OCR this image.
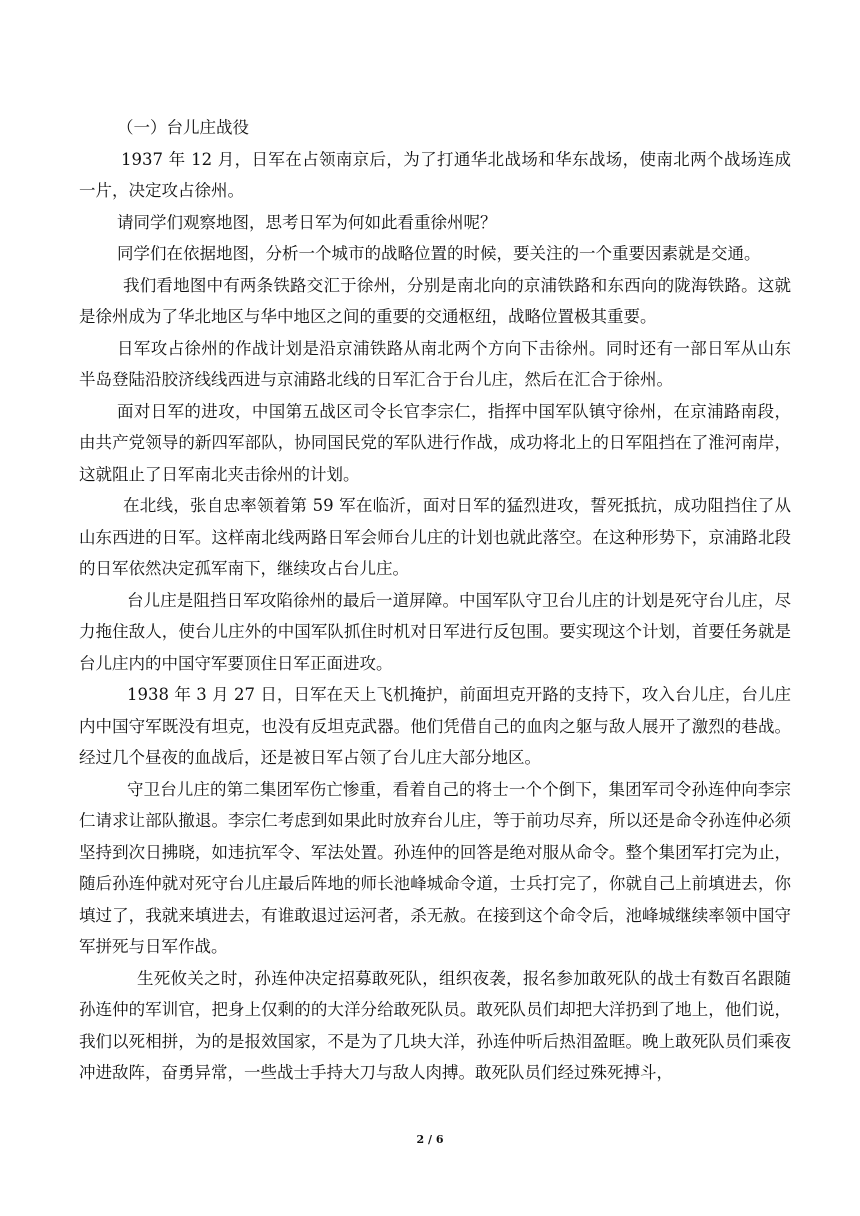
（一）台儿庄战役

1937 年 12 月，日军在占领南京后，为了打通华北战场和华东战场，使南北两个战场连成一片，决定攻占徐州。

请同学们观察地图，思考日军为何如此看重徐州呢？

同学们在依据地图，分析一个城市的战略位置的时候，要关注的一个重要因素就是交通。

我们看地图中有两条铁路交汇于徐州，分别是南北向的京浦铁路和东西向的陇海铁路。这就是徐州成为了华北地区与华中地区之间的重要的交通枢纽，战略位置极其重要。

日军攻占徐州的作战计划是沿京浦铁路从南北两个方向下击徐州。同时还有一部日军从山东半岛登陆沿胶济线线西进与京浦路北线的日军汇合于台儿庄，然后在汇合于徐州。

面对日军的进攻，中国第五战区司令长官李宗仁，指挥中国军队镇守徐州，在京浦路南段，由共产党领导的新四军部队，协同国民党的军队进行作战，成功将北上的日军阻挡在了淮河南岸，这就阻止了日军南北夹击徐州的计划。

在北线，张自忠率领着第 59 军在临沂，面对日军的猛烈进攻，誓死抵抗，成功阻挡住了从山东西进的日军。这样南北线两路日军会师台儿庄的计划也就此落空。在这种形势下，京浦路北段的日军依然决定孤军南下，继续攻占台儿庄。

台儿庄是阻挡日军攻陷徐州的最后一道屏障。中国军队守卫台儿庄的计划是死守台儿庄，尽力拖住敌人，使台儿庄外的中国军队抓住时机对日军进行反包围。要实现这个计划，首要任务就是台儿庄内的中国守军要顶住日军正面进攻。

1938 年 3 月 27 日，日军在天上飞机掩护，前面坦克开路的支持下，攻入台儿庄，台儿庄内中国守军既没有坦克，也没有反坦克武器。他们凭借自己的血肉之躯与敌人展开了激烈的巷战。经过几个昼夜的血战后，还是被日军占领了台儿庄大部分地区。

守卫台儿庄的第二集团军伤亡惨重，看着自己的将士一个个倒下，集团军司令孙连仲向李宗仁请求让部队撤退。李宗仁考虑到如果此时放弃台儿庄，等于前功尽弃，所以还是命令孙连仲必须坚持到次日拂晓，如违抗军令、军法处置。孙连仲的回答是绝对服从命令。整个集团军打完为止，随后孙连仲就对死守台儿庄最后阵地的师长池峰城命令道，士兵打完了，你就自己上前填进去，你填过了，我就来填进去，有谁敢退过运河者，杀无赦。在接到这个命令后，池峰城继续率领中国守军拼死与日军作战。

生死攸关之时，孙连仲决定招募敢死队，组织夜袭，报名参加敢死队的战士有数百名跟随孙连仲的军训官，把身上仅剩的的大洋分给敢死队员。敢死队员们却把大洋扔到了地上，他们说，我们以死相拼，为的是报效国家，不是为了几块大洋，孙连仲听后热泪盈眶。晚上敢死队员们乘夜冲进敌阵，奋勇异常，一些战士手持大刀与敌人肉搏。敢死队员们经过殊死搏斗，

2 / 6
